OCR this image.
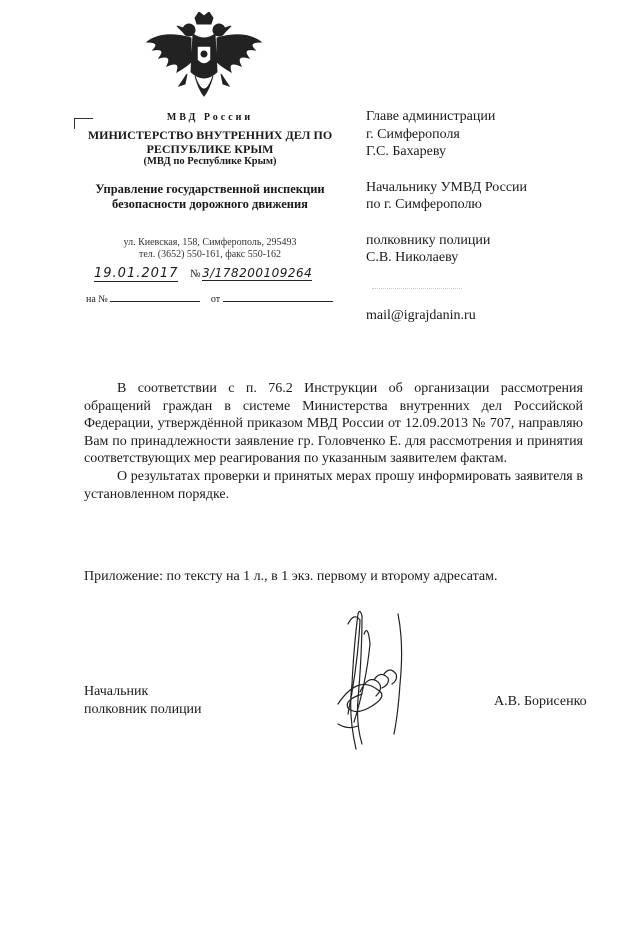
МВД России
МИНИСТЕРСТВО ВНУТРЕННИХ ДЕЛ ПО РЕСПУБЛИКЕ КРЫМ
(МВД по Республике Крым)
Управление государственной инспекции безопасности дорожного движения
ул. Киевская, 158, Симферополь, 295493
тел. (3652) 550-161, факс 550-162
19.01.2017 № 3/178200109264
на №	от
Главе администрации
г. Симферополя
Г.С. Бахареву
Начальнику УМВД России
по г. Симферополю
полковнику полиции
С.В. Николаеву
mail@igrajdanin.ru

В соответствии с п. 76.2 Инструкции об организации рассмотрения обращений граждан в системе Министерства внутренних дел Российской Федерации, утверждённой приказом МВД России от 12.09.2013 № 707, направляю Вам по принадлежности заявление гр. Головченко Е. для рассмотрения и принятия соответствующих мер реагирования по указанным заявителем фактам.

О результатах проверки и принятых мерах прошу информировать заявителя в установленном порядке.

Приложение: по тексту на 1 л., в 1 экз. первому и второму адресатам.
Начальник
полковник полиции
А.В. Борисенко
